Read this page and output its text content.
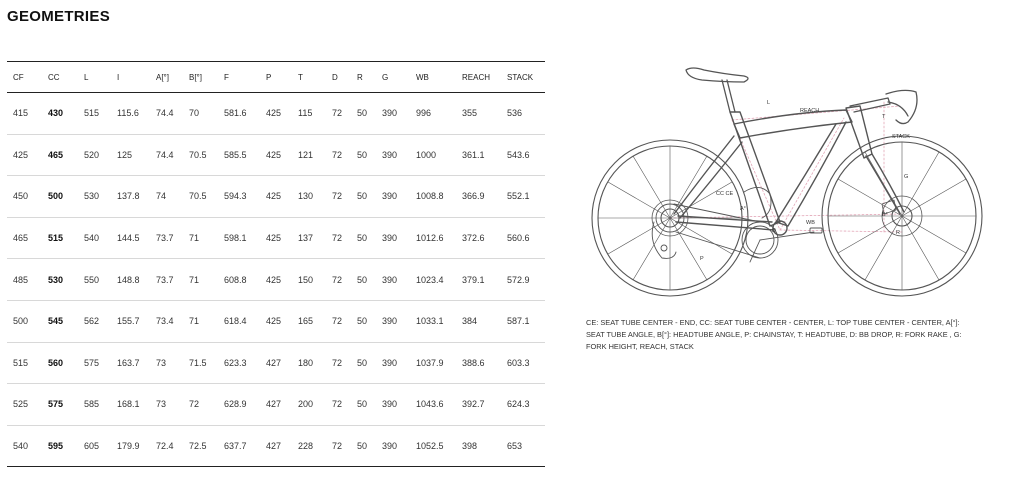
GEOMETRIES
CF	CC	L	I	A[°]	B[°]	F	P	T	D	R	G	WB	REACH	STACK
415	430	515	115.6	74.4	70	581.6	425	115	72	50	390	996	355	536
425	465	520	125	74.4	70.5	585.5	425	121	72	50	390	1000	361.1	543.6
450	500	530	137.8	74	70.5	594.3	425	130	72	50	390	1008.8	366.9	552.1
465	515	540	144.5	73.7	71	598.1	425	137	72	50	390	1012.6	372.6	560.6
485	530	550	148.8	73.7	71	608.8	425	150	72	50	390	1023.4	379.1	572.9
500	545	562	155.7	73.4	71	618.4	425	165	72	50	390	1033.1	384	587.1
515	560	575	163.7	73	71.5	623.3	427	180	72	50	390	1037.9	388.6	603.3
525	575	585	168.1	73	72	628.9	427	200	72	50	390	1043.6	392.7	624.3
540	595	605	179.9	72.4	72.5	637.7	427	228	72	50	390	1052.5	398	653
L
REACH
T
STACK
G
CC CE
A°
WB
D
B°
R
P
CE: SEAT TUBE CENTER - END, CC: SEAT TUBE CENTER - CENTER, L: TOP TUBE CENTER - CENTER, A[°]: SEAT TUBE ANGLE, B[°]: HEADTUBE ANGLE, P: CHAINSTAY, T: HEADTUBE, D: BB DROP, R: FORK RAKE , G: FORK HEIGHT, REACH, STACK
